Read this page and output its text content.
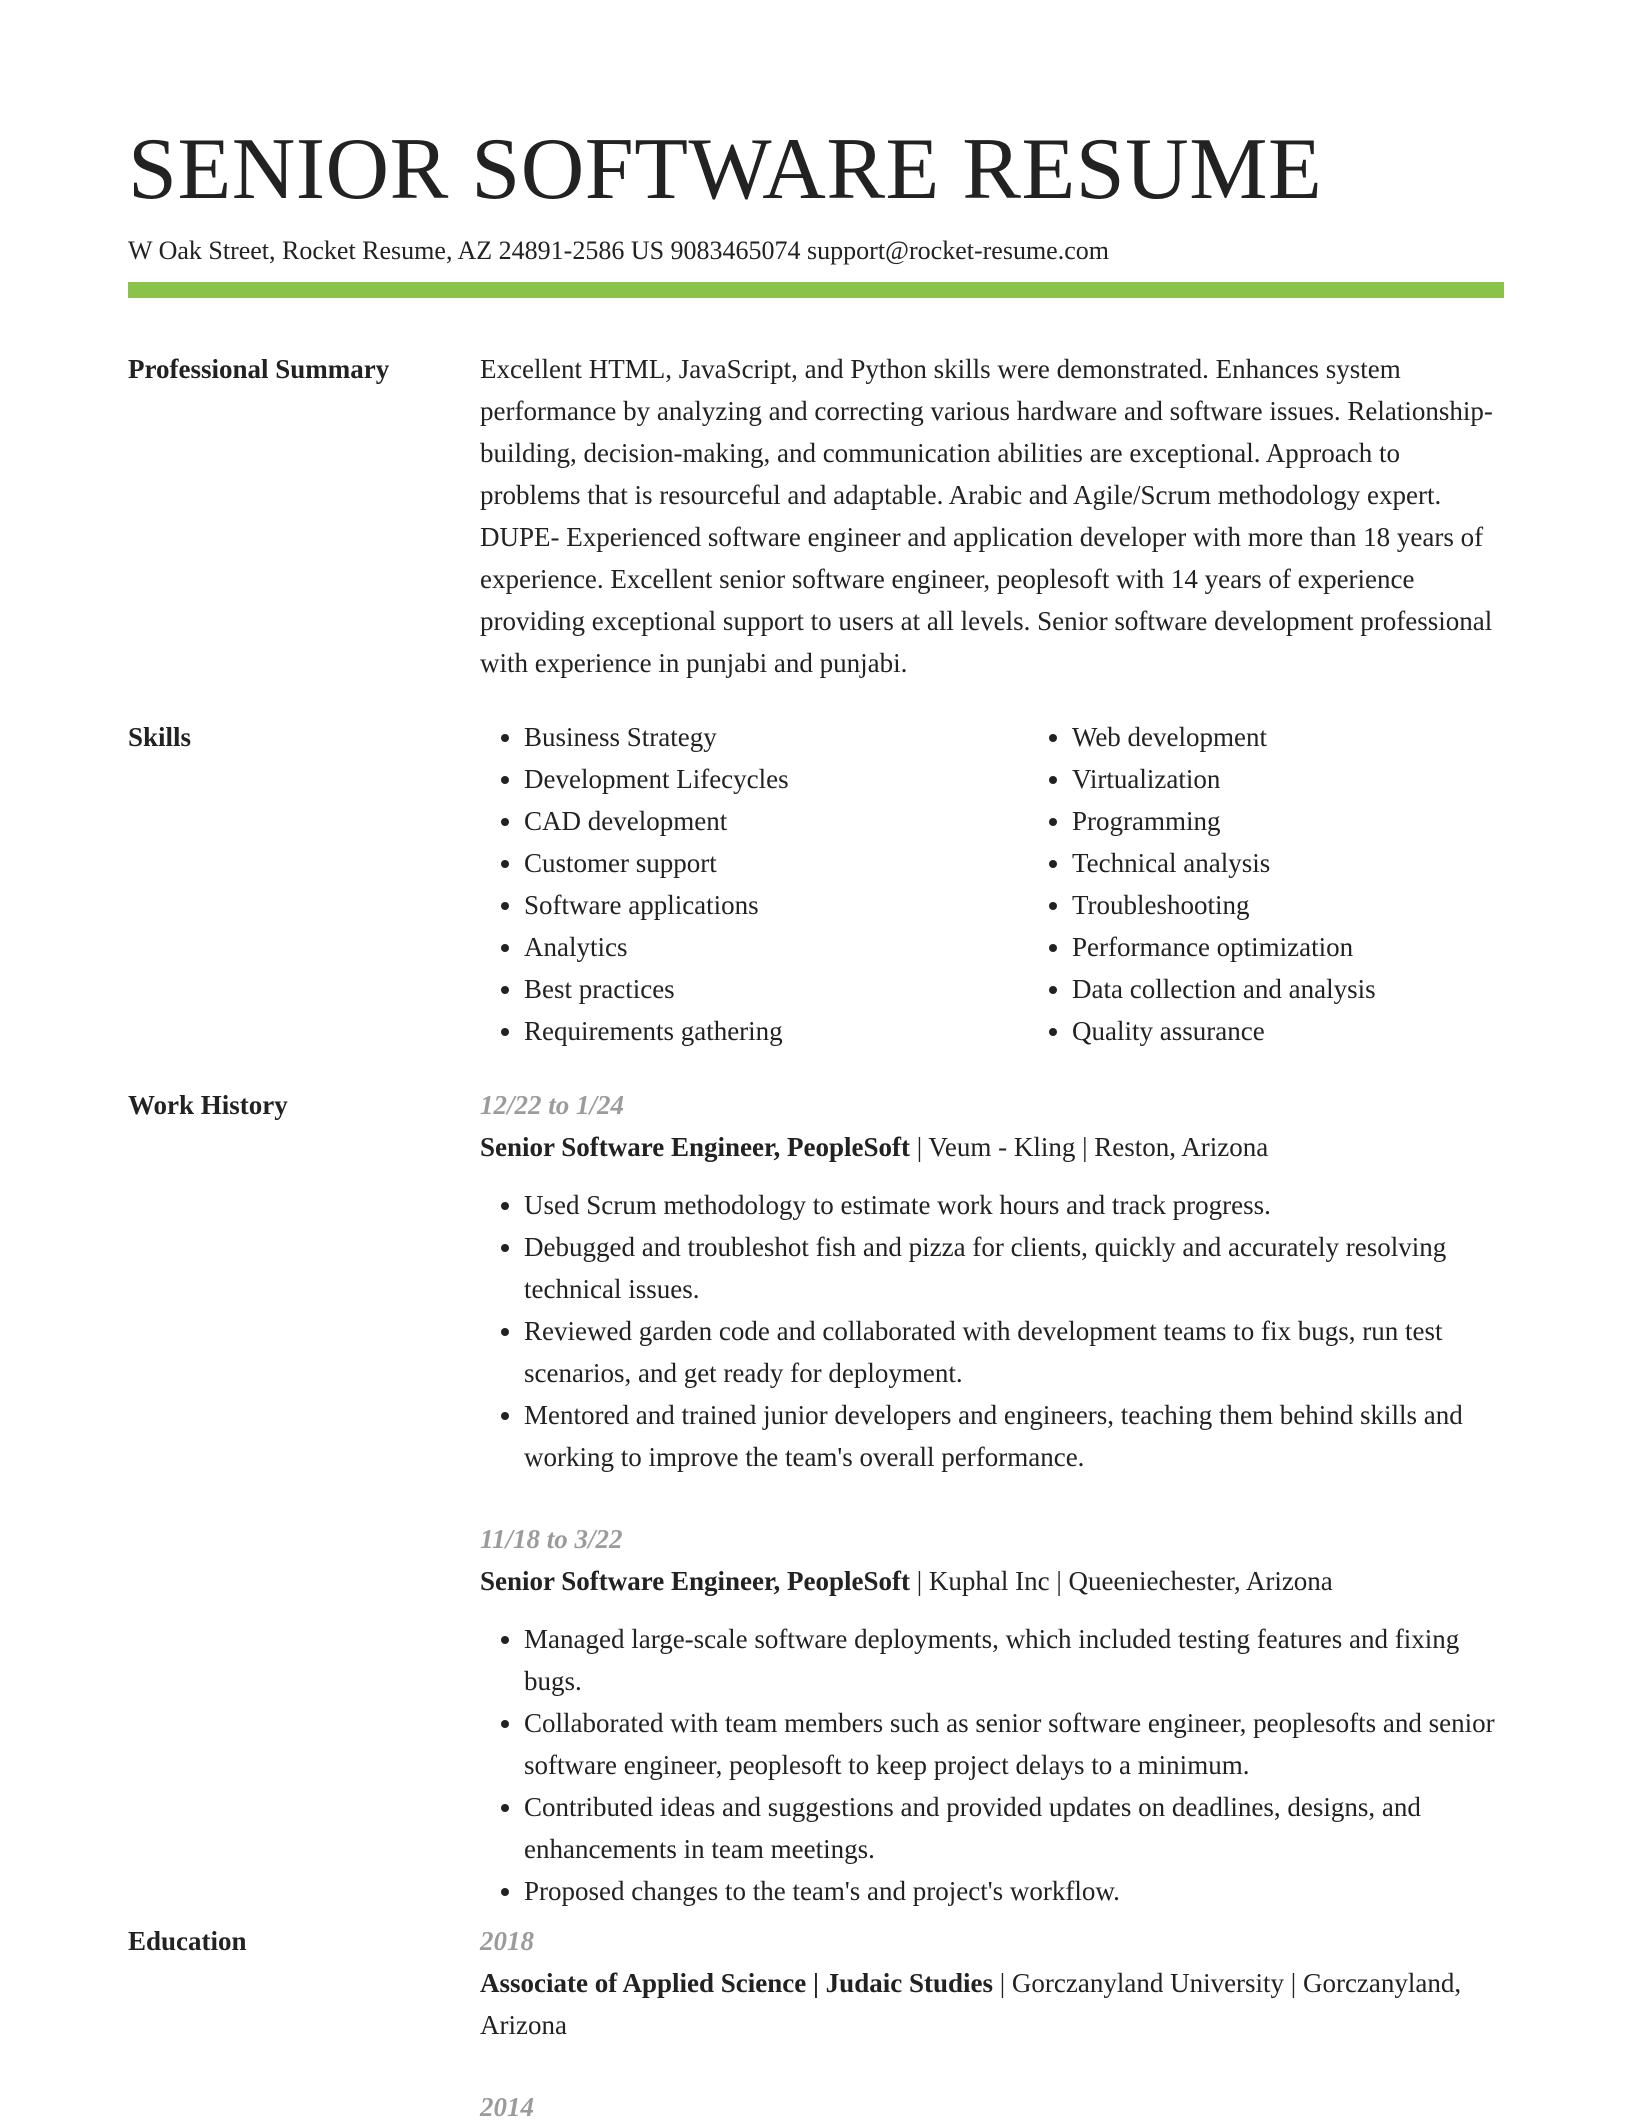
SENIOR SOFTWARE RESUME
W Oak Street, Rocket Resume, AZ 24891-2586 US 9083465074 support@rocket-resume.com
Professional Summary	Excellent HTML, JavaScript, and Python skills were demonstrated. Enhances system performance by analyzing and correcting various hardware and software issues. Relationship-building, decision-making, and communication abilities are exceptional. Approach to problems that is resourceful and adaptable. Arabic and Agile/Scrum methodology expert. DUPE- Experienced software engineer and application developer with more than 18 years of experience. Excellent senior software engineer, peoplesoft with 14 years of experience providing exceptional support to users at all levels. Senior software development professional with experience in punjabi and punjabi.

Skills
•	Business Strategy
• Development Lifecycles
• CAD development
• Customer support
• Software applications
• Analytics
• Best practices
• Requirements gathering
• Web development
• Virtualization
• Programming
• Technical analysis
• Troubleshooting
• Performance optimization
• Data collection and analysis
• Quality assurance
Work History	12/22 to 1/24
Senior Software Engineer, PeopleSoft | Veum - Kling | Reston, Arizona
• Used Scrum methodology to estimate work hours and track progress.
• Debugged and troubleshot fish and pizza for clients, quickly and accurately resolving technical issues.
• Reviewed garden code and collaborated with development teams to fix bugs, run test scenarios, and get ready for deployment.
• Mentored and trained junior developers and engineers, teaching them behind skills and working to improve the team's overall performance.
11/18 to 3/22
Senior Software Engineer, PeopleSoft | Kuphal Inc | Queeniechester, Arizona
• Managed large-scale software deployments, which included testing features and fixing bugs.
• Collaborated with team members such as senior software engineer, peoplesofts and senior software engineer, peoplesoft to keep project delays to a minimum.
• Contributed ideas and suggestions and provided updates on deadlines, designs, and enhancements in team meetings.
• Proposed changes to the team's and project's workflow.
Education	2018
Associate of Applied Science | Judaic Studies | Gorczanyland University | Gorczanyland, Arizona
2014
